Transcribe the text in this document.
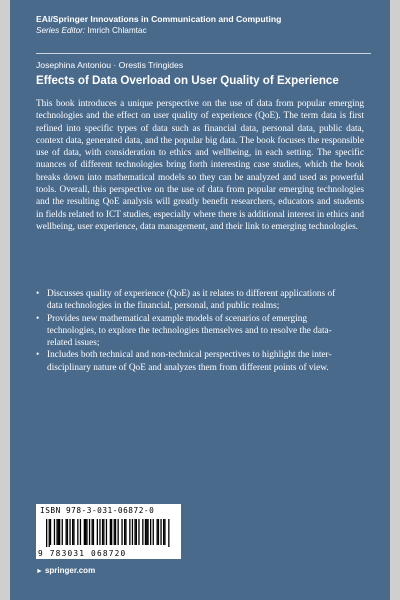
EAI/Springer Innovations in Communication and Computing
Series Editor: Imrich Chlamtac
Josephina Antoniou · Orestis Tringides
Effects of Data Overload on User Quality of Experience

This book introduces a unique perspective on the use of data from popular emerging technologies and the effect on user quality of experience (QoE). The term data is first refined into specific types of data such as financial data, personal data, public data, context data, generated data, and the popular big data. The book focuses the responsible use of data, with consideration to ethics and wellbeing, in each setting. The specific nuances of different technologies bring forth interesting case studies, which the book breaks down into mathematical models so they can be analyzed and used as powerful tools. Overall, this perspective on the use of data from popular emerging technologies and the resulting QoE analysis will greatly benefit researchers, educators and students in fields related to ICT studies, especially where there is additional interest in ethics and wellbeing, user experience, data management, and their link to emerging technologies.

• Discusses quality of experience (QoE) as it relates to different applications of data technologies in the financial, personal, and public realms;
• Provides new mathematical example models of scenarios of emerging technologies, to explore the technologies themselves and to resolve the data-related issues;
• Includes both technical and non-technical perspectives to highlight the inter-disciplinary nature of QoE and analyzes them from different points of view.
ISBN 978-3-031-06872-0
9 783031 068720
► springer.com
